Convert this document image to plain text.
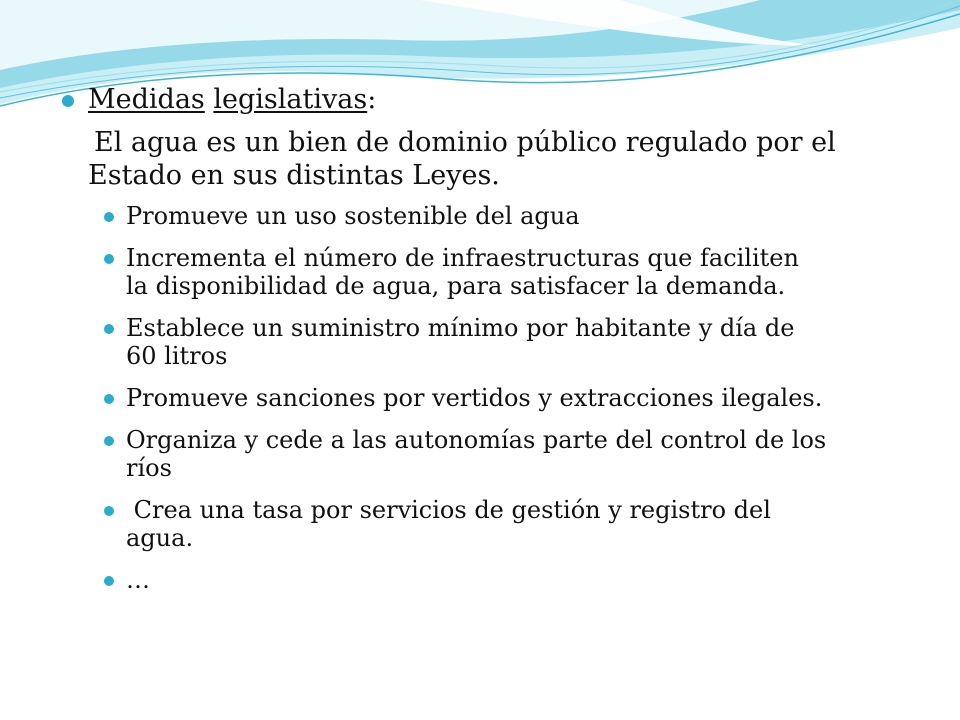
Medidas legislativas:

El agua es un bien de dominio público regulado por el
Estado en sus distintas Leyes.
Promueve un uso sostenible del agua
Incrementa el número de infraestructuras que faciliten
la disponibilidad de agua, para satisfacer la demanda.
Establece un suministro mínimo por habitante y día de
60 litros
Promueve sanciones por vertidos y extracciones ilegales.
Organiza y cede a las autonomías parte del control de los
ríos
Crea una tasa por servicios de gestión y registro del
agua.
…
